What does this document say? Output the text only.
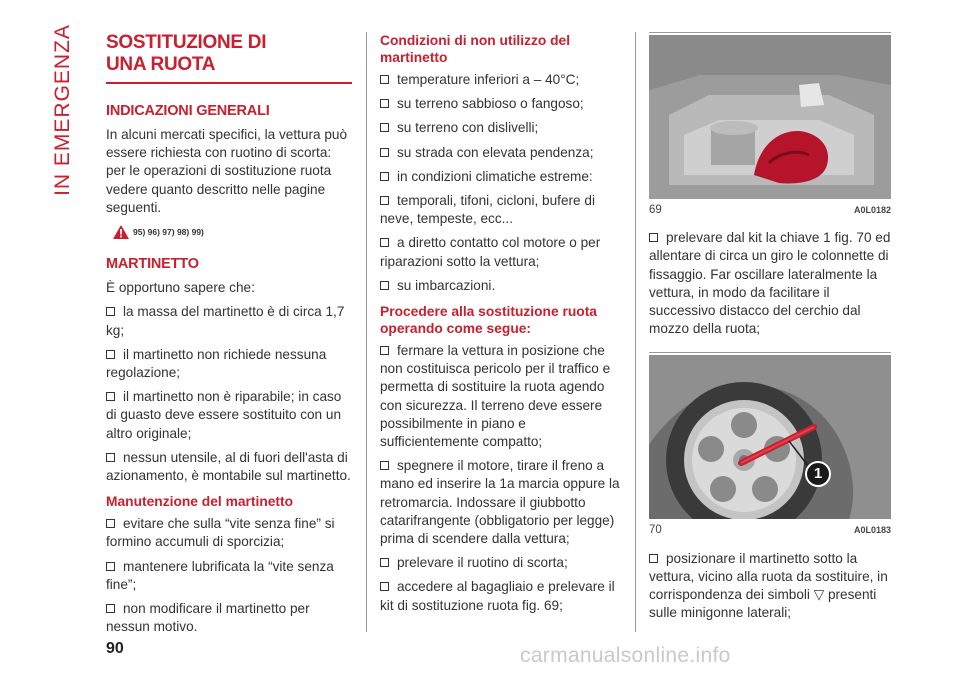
IN EMERGENZA SOSTITUZIONE DI
UNA RUOTA
INDICAZIONI GENERALI

In alcuni mercati specifici, la vettura può essere richiesta con ruotino di scorta: per le operazioni di sostituzione ruota vedere quanto descritto nelle pagine seguenti.

95) 96) 97) 98) 99)
MARTINETTO

È opportuno sapere che:

la massa del martinetto è di circa 1,7 kg;
il martinetto non richiede nessuna regolazione;
il martinetto non è riparabile; in caso di guasto deve essere sostituito con un altro originale;
nessun utensile, al di fuori dell'asta di azionamento, è montabile sul martinetto.
Manutenzione del martinetto
evitare che sulla “vite senza fine” si formino accumuli di sporcizia;
mantenere lubrificata la “vite senza fine”;
non modificare il martinetto per nessun motivo.
Condizioni di non utilizzo del martinetto
temperature inferiori a – 40°C;
su terreno sabbioso o fangoso;
su terreno con dislivelli;
su strada con elevata pendenza;
in condizioni climatiche estreme:
temporali, tifoni, cicloni, bufere di neve, tempeste, ecc...
a diretto contatto col motore o per riparazioni sotto la vettura;
su imbarcazioni.
Procedere alla sostituzione ruota operando come segue:
fermare la vettura in posizione che non costituisca pericolo per il traffico e permetta di sostituire la ruota agendo con sicurezza. Il terreno deve essere possibilmente in piano e sufficientemente compatto;
spegnere il motore, tirare il freno a mano ed inserire la 1a marcia oppure la retromarcia. Indossare il giubbotto catarifrangente (obbligatorio per legge) prima di scendere dalla vettura;
prelevare il ruotino di scorta;
accedere al bagagliaio e prelevare il kit di sostituzione ruota fig. 69;
69	A0L0182
prelevare dal kit la chiave 1 fig. 70 ed allentare di circa un giro le colonnette di fissaggio. Far oscillare lateralmente la vettura, in modo da facilitare il successivo distacco del cerchio dal mozzo della ruota;
1
70	A0L0183
posizionare il martinetto sotto la vettura, vicino alla ruota da sostituire, in corrispondenza dei simboli ▽ presenti sulle minigonne laterali;
90	carmanualsonline.info
